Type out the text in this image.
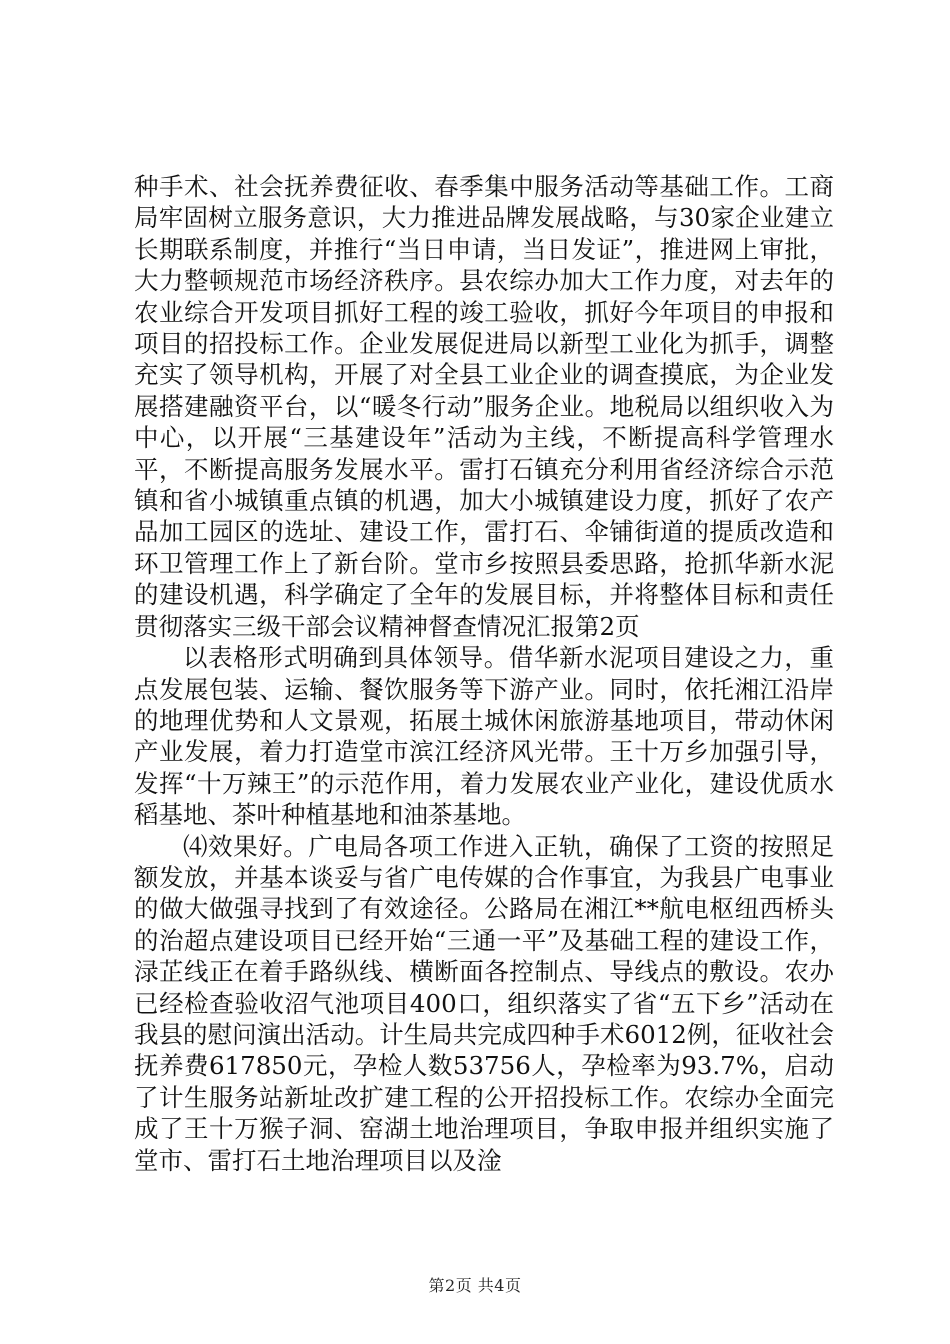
种手术、社会抚养费征收、春季集中服务活动等基础工作。工商局牢固树立服务意识，大力推进品牌发展战略，与30家企业建立长期联系制度，并推行“当日申请，当日发证”，推进网上审批，大力整顿规范市场经济秩序。县农综办加大工作力度，对去年的农业综合开发项目抓好工程的竣工验收，抓好今年项目的申报和项目的招投标工作。企业发展促进局以新型工业化为抓手，调整充实了领导机构，开展了对全县工业企业的调查摸底，为企业发展搭建融资平台，以“暖冬行动”服务企业。地税局以组织收入为中心，以开展“三基建设年”活动为主线，不断提高科学管理水平，不断提高服务发展水平。雷打石镇充分利用省经济综合示范镇和省小城镇重点镇的机遇，加大小城镇建设力度，抓好了农产品加工园区的选址、建设工作，雷打石、伞铺街道的提质改造和环卫管理工作上了新台阶。堂市乡按照县委思路，抢抓华新水泥的建设机遇，科学确定了全年的发展目标，并将整体目标和责任贯彻落实三级干部会议精神督查情况汇报第2页

以表格形式明确到具体领导。借华新水泥项目建设之力，重点发展包装、运输、餐饮服务等下游产业。同时，依托湘江沿岸的地理优势和人文景观，拓展土城休闲旅游基地项目，带动休闲产业发展，着力打造堂市滨江经济风光带。王十万乡加强引导，发挥“十万辣王”的示范作用，着力发展农业产业化，建设优质水稻基地、茶叶种植基地和油茶基地。

⑷效果好。广电局各项工作进入正轨，确保了工资的按照足额发放，并基本谈妥与省广电传媒的合作事宜，为我县广电事业的做大做强寻找到了有效途径。公路局在湘江**航电枢纽西桥头的治超点建设项目已经开始“三通一平”及基础工程的建设工作，渌芷线正在着手路纵线、横断面各控制点、导线点的敷设。农办已经检查验收沼气池项目400口，组织落实了省“五下乡”活动在我县的慰问演出活动。计生局共完成四种手术6012例，征收社会抚养费617850元，孕检人数53756人，孕检率为93.7%，启动了计生服务站新址改扩建工程的公开招投标工作。农综办全面完成了王十万猴子洞、窑湖土地治理项目，争取申报并组织实施了堂市、雷打石土地治理项目以及淦

第2页 共4页
